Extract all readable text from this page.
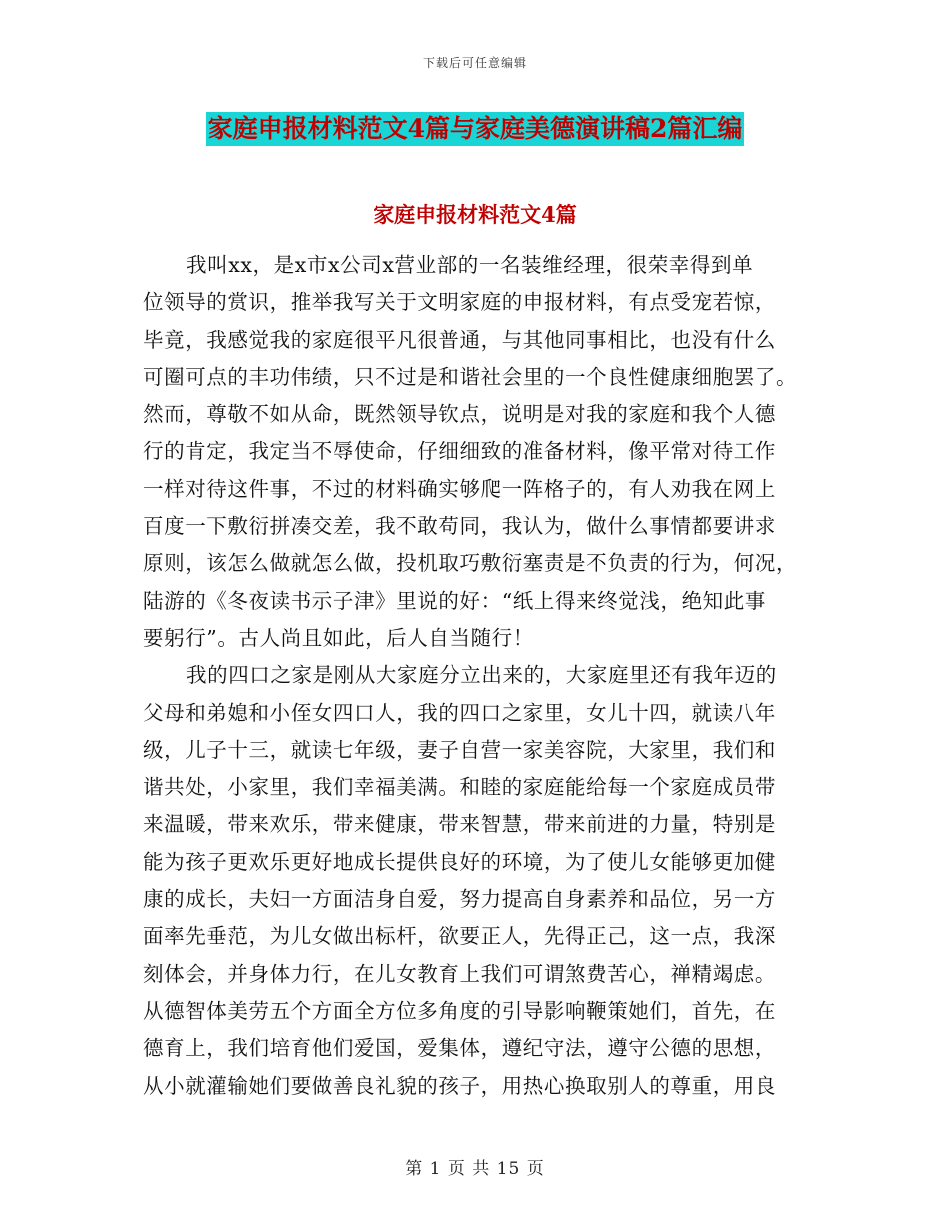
下载后可任意编辑
家庭申报材料范文4篇与家庭美德演讲稿2篇汇编
家庭申报材料范文4篇
我叫xx，是x市x公司x营业部的一名装维经理，很荣幸得到单
位领导的赏识，推举我写关于文明家庭的申报材料，有点受宠若惊，
毕竟，我感觉我的家庭很平凡很普通，与其他同事相比，也没有什么
可圈可点的丰功伟绩，只不过是和谐社会里的一个良性健康细胞罢了。
然而，尊敬不如从命，既然领导钦点，说明是对我的家庭和我个人德
行的肯定，我定当不辱使命，仔细细致的准备材料，像平常对待工作
一样对待这件事，不过的材料确实够爬一阵格子的，有人劝我在网上
百度一下敷衍拼凑交差，我不敢苟同，我认为，做什么事情都要讲求
原则，该怎么做就怎么做，投机取巧敷衍塞责是不负责的行为，何况，
陆游的《冬夜读书示子津》里说的好：“纸上得来终觉浅，绝知此事
要躬行”。古人尚且如此，后人自当随行！
我的四口之家是刚从大家庭分立出来的，大家庭里还有我年迈的
父母和弟媳和小侄女四口人，我的四口之家里，女儿十四，就读八年
级，儿子十三，就读七年级，妻子自营一家美容院，大家里，我们和
谐共处，小家里，我们幸福美满。和睦的家庭能给每一个家庭成员带
来温暖，带来欢乐，带来健康，带来智慧，带来前进的力量，特别是
能为孩子更欢乐更好地成长提供良好的环境，为了使儿女能够更加健
康的成长，夫妇一方面洁身自爱，努力提高自身素养和品位，另一方
面率先垂范，为儿女做出标杆，欲要正人，先得正己，这一点，我深
刻体会，并身体力行，在儿女教育上我们可谓煞费苦心，禅精竭虑。
从德智体美劳五个方面全方位多角度的引导影响鞭策她们，首先，在
德育上，我们培育他们爱国，爱集体，遵纪守法，遵守公德的思想，
从小就灌输她们要做善良礼貌的孩子，用热心换取别人的尊重，用良
第 1 页 共 15 页
